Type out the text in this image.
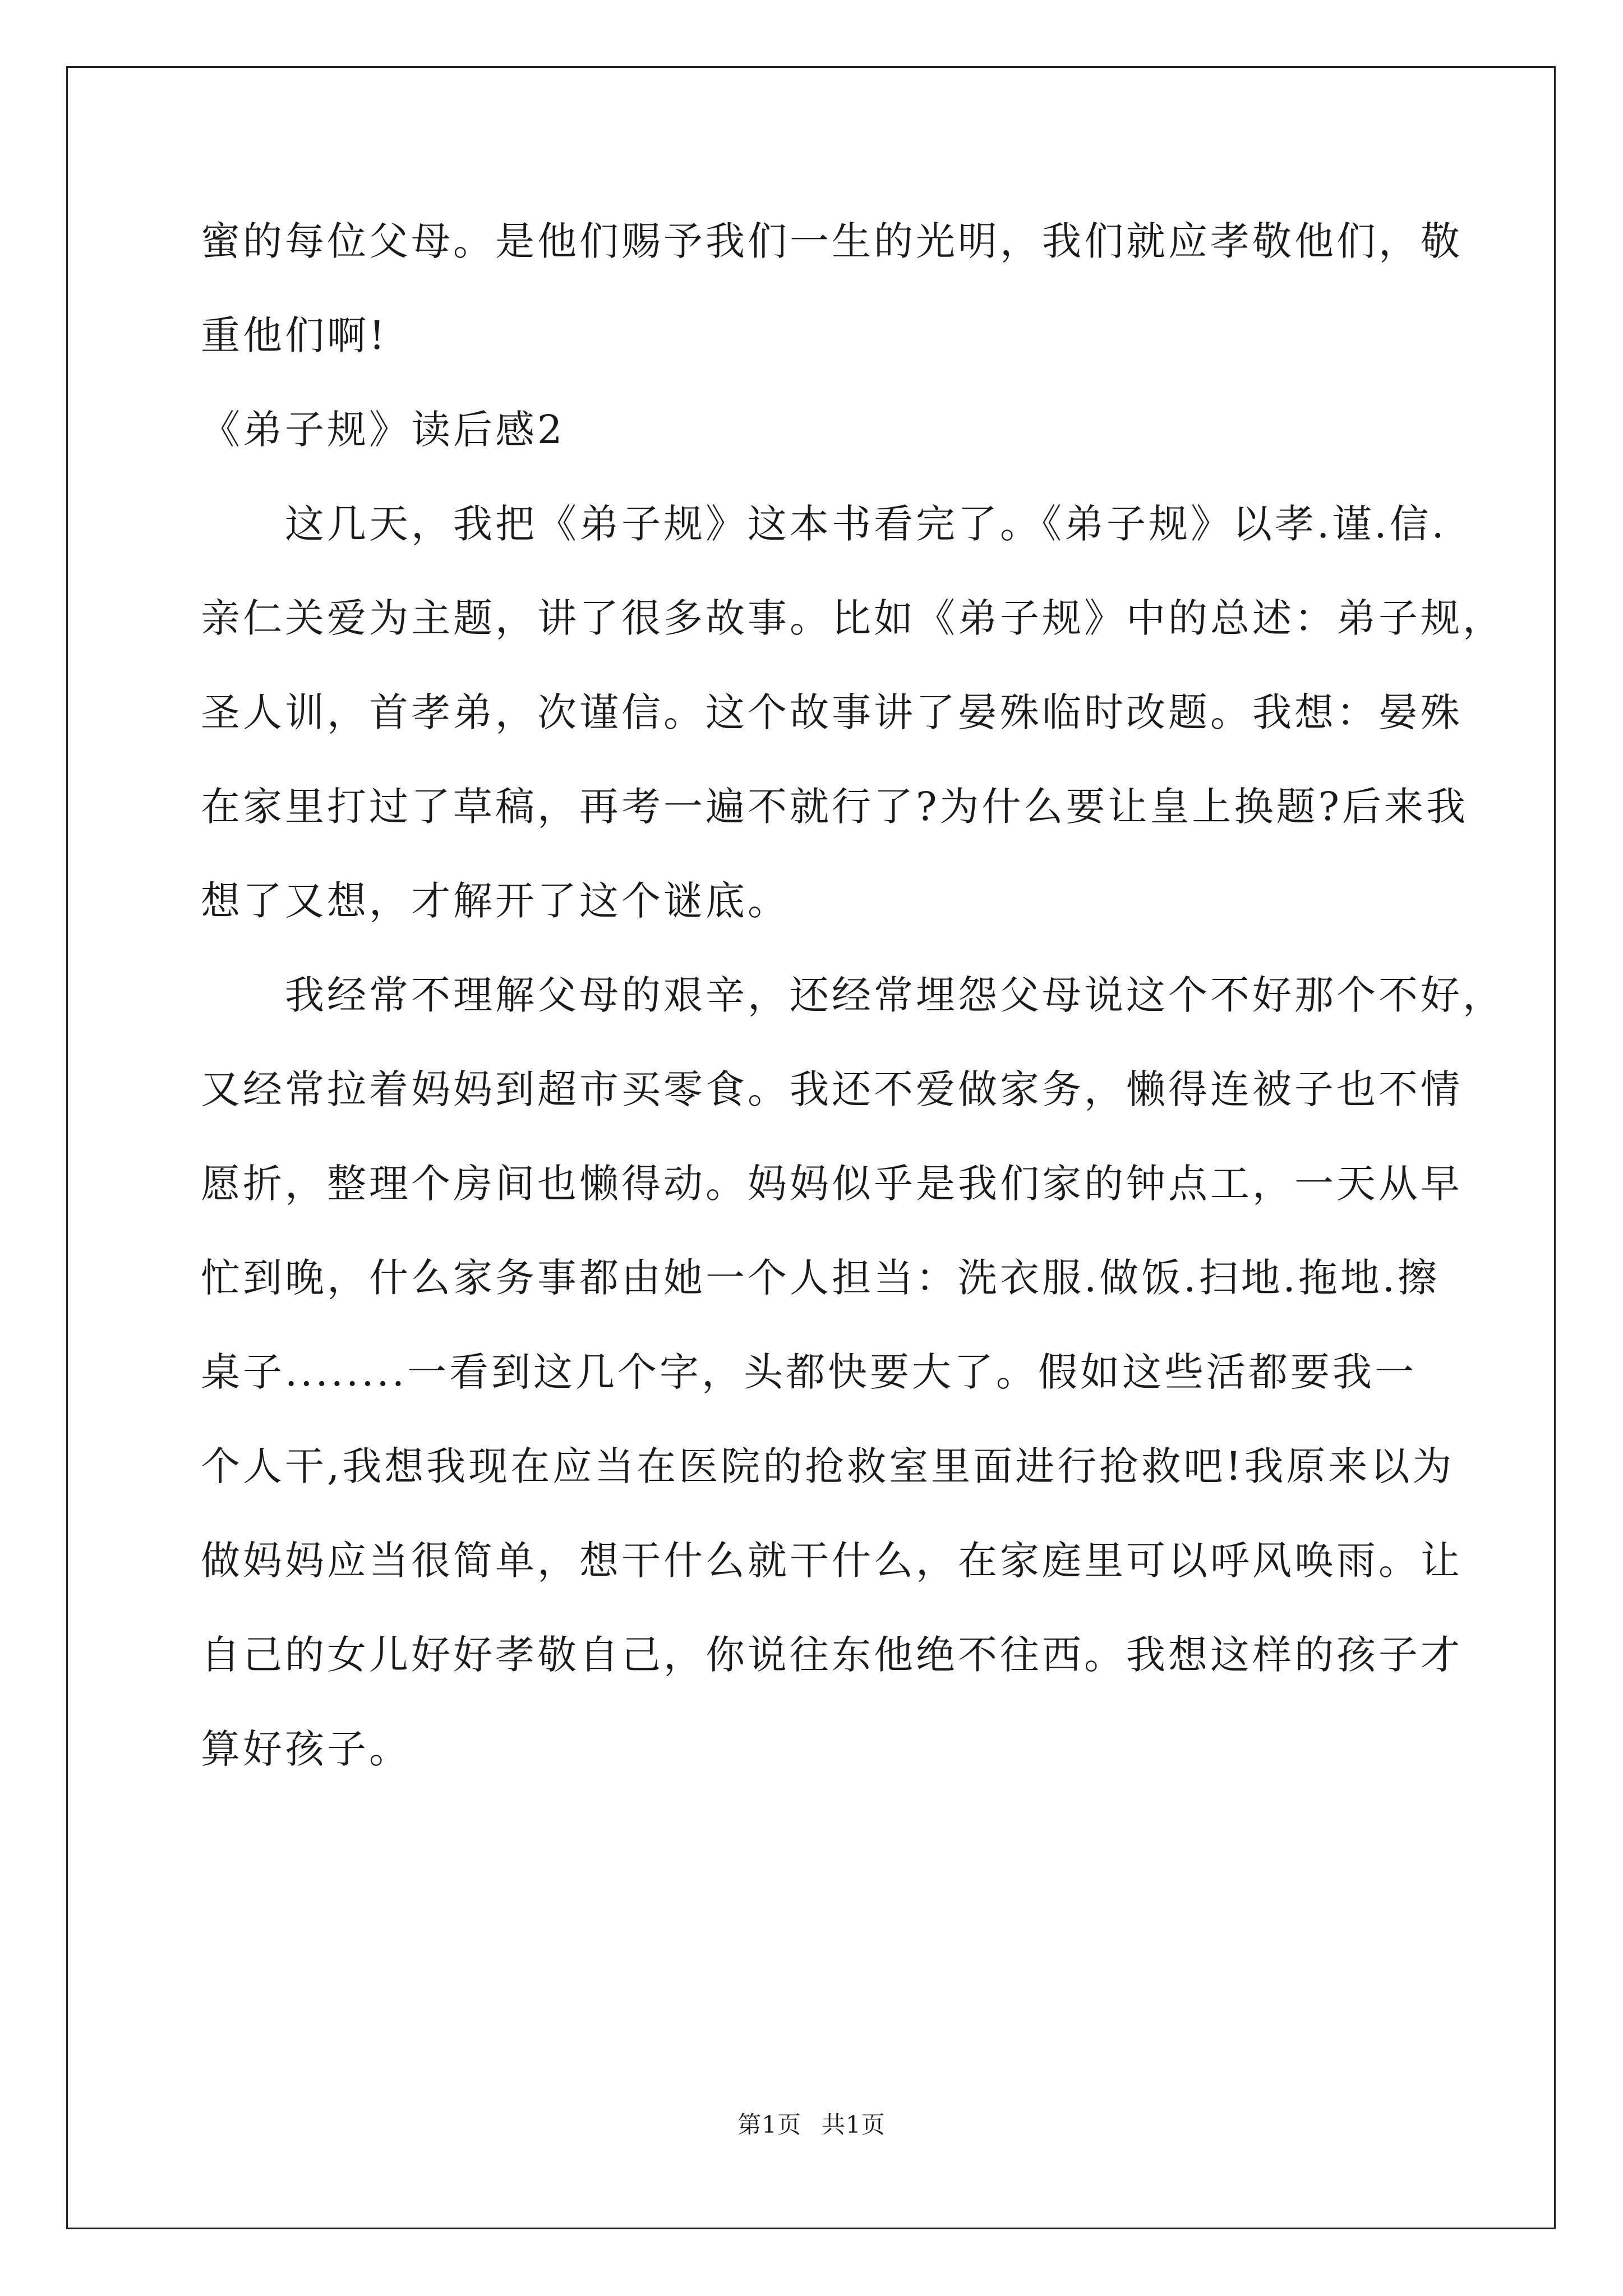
蜜的每位父母。是他们赐予我们一生的光明，我们就应孝敬他们，敬
重他们啊!
《弟子规》读后感2
　　这几天，我把《弟子规》这本书看完了。《弟子规》以孝.谨.信.
亲仁关爱为主题，讲了很多故事。比如《弟子规》中的总述：弟子规，
圣人训，首孝弟，次谨信。这个故事讲了晏殊临时改题。我想：晏殊
在家里打过了草稿，再考一遍不就行了?为什么要让皇上换题?后来我
想了又想，才解开了这个谜底。
　　我经常不理解父母的艰辛，还经常埋怨父母说这个不好那个不好，
又经常拉着妈妈到超市买零食。我还不爱做家务，懒得连被子也不情
愿折，整理个房间也懒得动。妈妈似乎是我们家的钟点工，一天从早
忙到晚，什么家务事都由她一个人担当：洗衣服.做饭.扫地.拖地.擦
桌子........一看到这几个字，头都快要大了。假如这些活都要我一
个人干,我想我现在应当在医院的抢救室里面进行抢救吧!我原来以为
做妈妈应当很简单，想干什么就干什么，在家庭里可以呼风唤雨。让
自己的女儿好好孝敬自己，你说往东他绝不往西。我想这样的孩子才
算好孩子。
第1页 共1页
